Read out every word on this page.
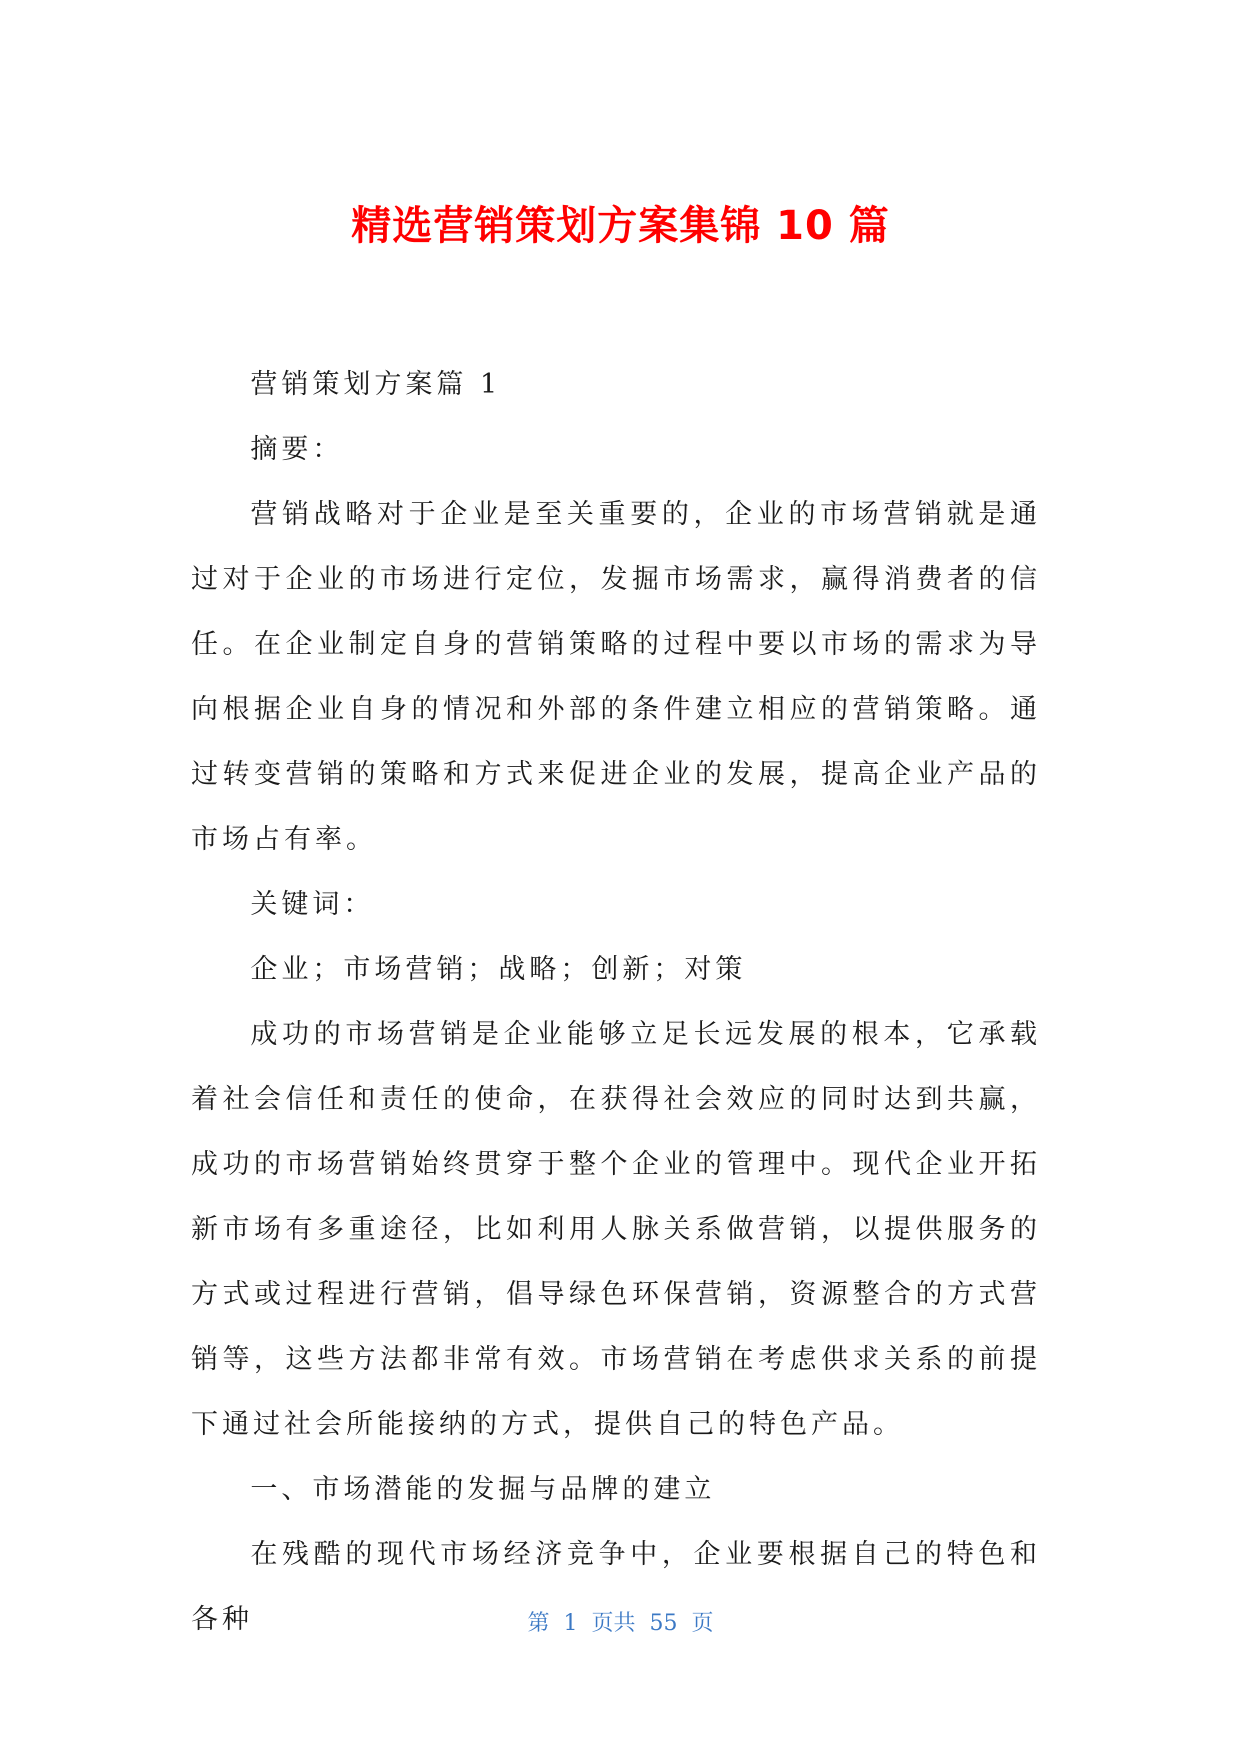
精选营销策划方案集锦 10 篇

营销策划方案篇 1

摘要：

营销战略对于企业是至关重要的，企业的市场营销就是通过对于企业的市场进行定位，发掘市场需求，赢得消费者的信任。在企业制定自身的营销策略的过程中要以市场的需求为导向根据企业自身的情况和外部的条件建立相应的营销策略。通过转变营销的策略和方式来促进企业的发展，提高企业产品的市场占有率。

关键词：

企业；市场营销；战略；创新；对策

成功的市场营销是企业能够立足长远发展的根本，它承载着社会信任和责任的使命，在获得社会效应的同时达到共赢，成功的市场营销始终贯穿于整个企业的管理中。现代企业开拓新市场有多重途径，比如利用人脉关系做营销，以提供服务的方式或过程进行营销，倡导绿色环保营销，资源整合的方式营销等，这些方法都非常有效。市场营销在考虑供求关系的前提下通过社会所能接纳的方式，提供自己的特色产品。

一、市场潜能的发掘与品牌的建立

在残酷的现代市场经济竞争中，企业要根据自己的特色和各种	第 1 页共 55 页
